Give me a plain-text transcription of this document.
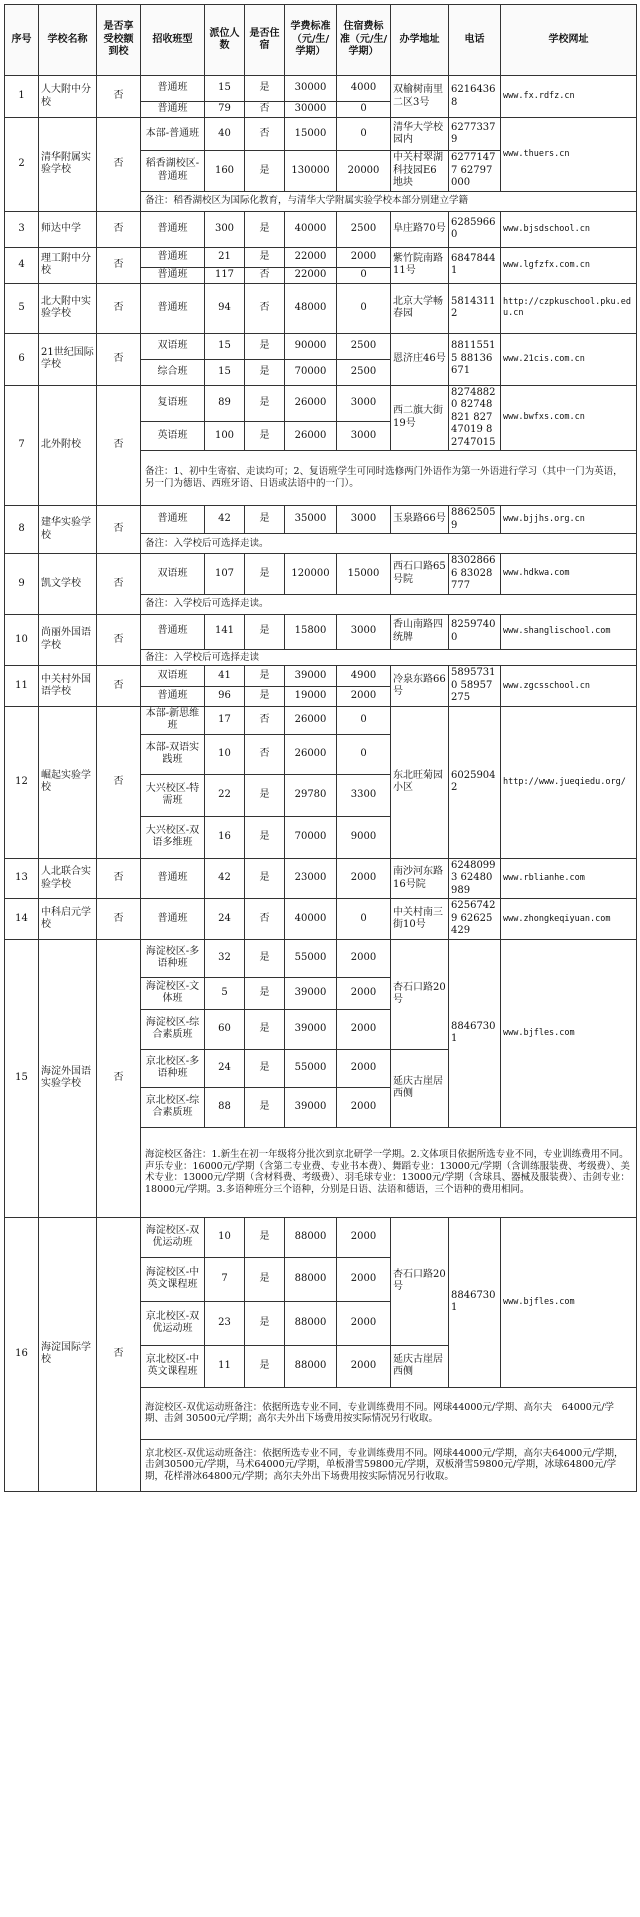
序号	学校名称	是否享受校额到校	招收班型	派位人数	是否住宿	学费标准（元/生/学期）	住宿费标准（元/生/学期）	办学地址	电话	学校网址
1	人大附中分校	否	普通班	15	是	30000	4000	双榆树南里二区3号	62164368	www.fx.rdfz.cn
			普通班	79	否	30000	0			
2	清华附属实验学校	否	本部-普通班	40	否	15000	0	清华大学校园内	62773379	www.thuers.cn
			稻香湖校区-普通班	160	是	130000	20000	中关村翠湖科技园E6地块	62771477 62797000	
			备注：稻香湖校区为国际化教育，与清华大学附属实验学校本部分别建立学籍							
3	师达中学	否	普通班	300	是	40000	2500	阜庄路70号	62859660	www.bjsdschool.cn
4	理工附中分校	否	普通班	21	是	22000	2000	紫竹院南路11号	68478441	www.lgfzfx.com.cn
			普通班	117	否	22000	0			
5	北大附中实验学校	否	普通班	94	否	48000	0	北京大学畅春园	58143112	http://czpkuschool.pku.edu.cn
6	21世纪国际学校	否	双语班	15	是	90000	2500	恩济庄46号	88115515 88136671	www.21cis.com.cn
			综合班	15	是	70000	2500			
7	北外附校	否	复语班	89	是	26000	3000	西二旗大街19号	82748820 82748821 82747019 82747015	www.bwfxs.com.cn
			英语班	100	是	26000	3000			
			备注：1、初中生寄宿、走读均可；2、复语班学生可同时选修两门外语作为第一外语进行学习（其中一门为英语，另一门为德语、西班牙语、日语或法语中的一门）。							
8	建华实验学校	否	普通班	42	是	35000	3000	玉泉路66号	88625059	www.bjjhs.org.cn
			备注：入学校后可选择走读。							
9	凯文学校	否	双语班	107	是	120000	15000	西石口路65号院	83028666 83028777	www.hdkwa.com
			备注：入学校后可选择走读。							
10	尚丽外国语学校	否	普通班	141	是	15800	3000	香山南路四统牌	82597400	www.shanglischool.com
			备注：入学校后可选择走读							
11	中关村外国语学校	否	双语班	41	是	39000	4900	冷泉东路66号	58957310 58957275	www.zgcsschool.cn
			普通班	96	是	19000	2000			
12	崛起实验学校	否	本部-新思维班	17	否	26000	0	东北旺菊园小区	60259042	http://www.jueqiedu.org/
			本部-双语实践班	10	否	26000	0			
			大兴校区-特需班	22	是	29780	3300			
			大兴校区-双语多维班	16	是	70000	9000			
13	人北联合实验学校	否	普通班	42	是	23000	2000	南沙河东路16号院	62480993 62480989	www.rblianhe.com
14	中科启元学校	否	普通班	24	否	40000	0	中关村南三街10号	62567429 62625429	www.zhongkeqiyuan.com
15	海淀外国语实验学校	否	海淀校区-多语种班	32	是	55000	2000	杏石口路20号	88467301	www.bjfles.com
			海淀校区-文体班	5	是	39000	2000			
			海淀校区-综合素质班	60	是	39000	2000			
			京北校区-多语种班	24	是	55000	2000	延庆古崖居西侧		
			京北校区-综合素质班	88	是	39000	2000			
			海淀校区备注：1.新生在初一年级将分批次到京北研学一学期。2.文体项目依据所选专业不同，专业训练费用不同。声乐专业：16000元/学期（含第二专业费、专业书本费）、舞蹈专业：13000元/学期（含训练服装费、考级费）、美术专业：13000元/学期（含材料费、考级费）、羽毛球专业：13000元/学期（含球具、器械及服装费）、击剑专业：18000元/学期。3.多语种班分三个语种，分别是日语、法语和德语，三个语种的费用相同。							
16	海淀国际学校	否	海淀校区-双优运动班	10	是	88000	2000	杏石口路20号	88467301	www.bjfles.com
			海淀校区-中英文课程班	7	是	88000	2000			
			京北校区-双优运动班	23	是	88000	2000			
			京北校区-中英文课程班	11	是	88000	2000	延庆古崖居西侧		
			海淀校区-双优运动班备注：依据所选专业不同，专业训练费用不同。网球44000元/学期、高尔夫　64000元/学期、击剑 30500元/学期；高尔夫外出下场费用按实际情况另行收取。							
			京北校区-双优运动班备注：依据所选专业不同，专业训练费用不同。网球44000元/学期，高尔夫64000元/学期，击剑30500元/学期，马术64000元/学期，单板滑雪59800元/学期，双板滑雪59800元/学期，冰球64800元/学期，花样滑冰64800元/学期；高尔夫外出下场费用按实际情况另行收取。							
